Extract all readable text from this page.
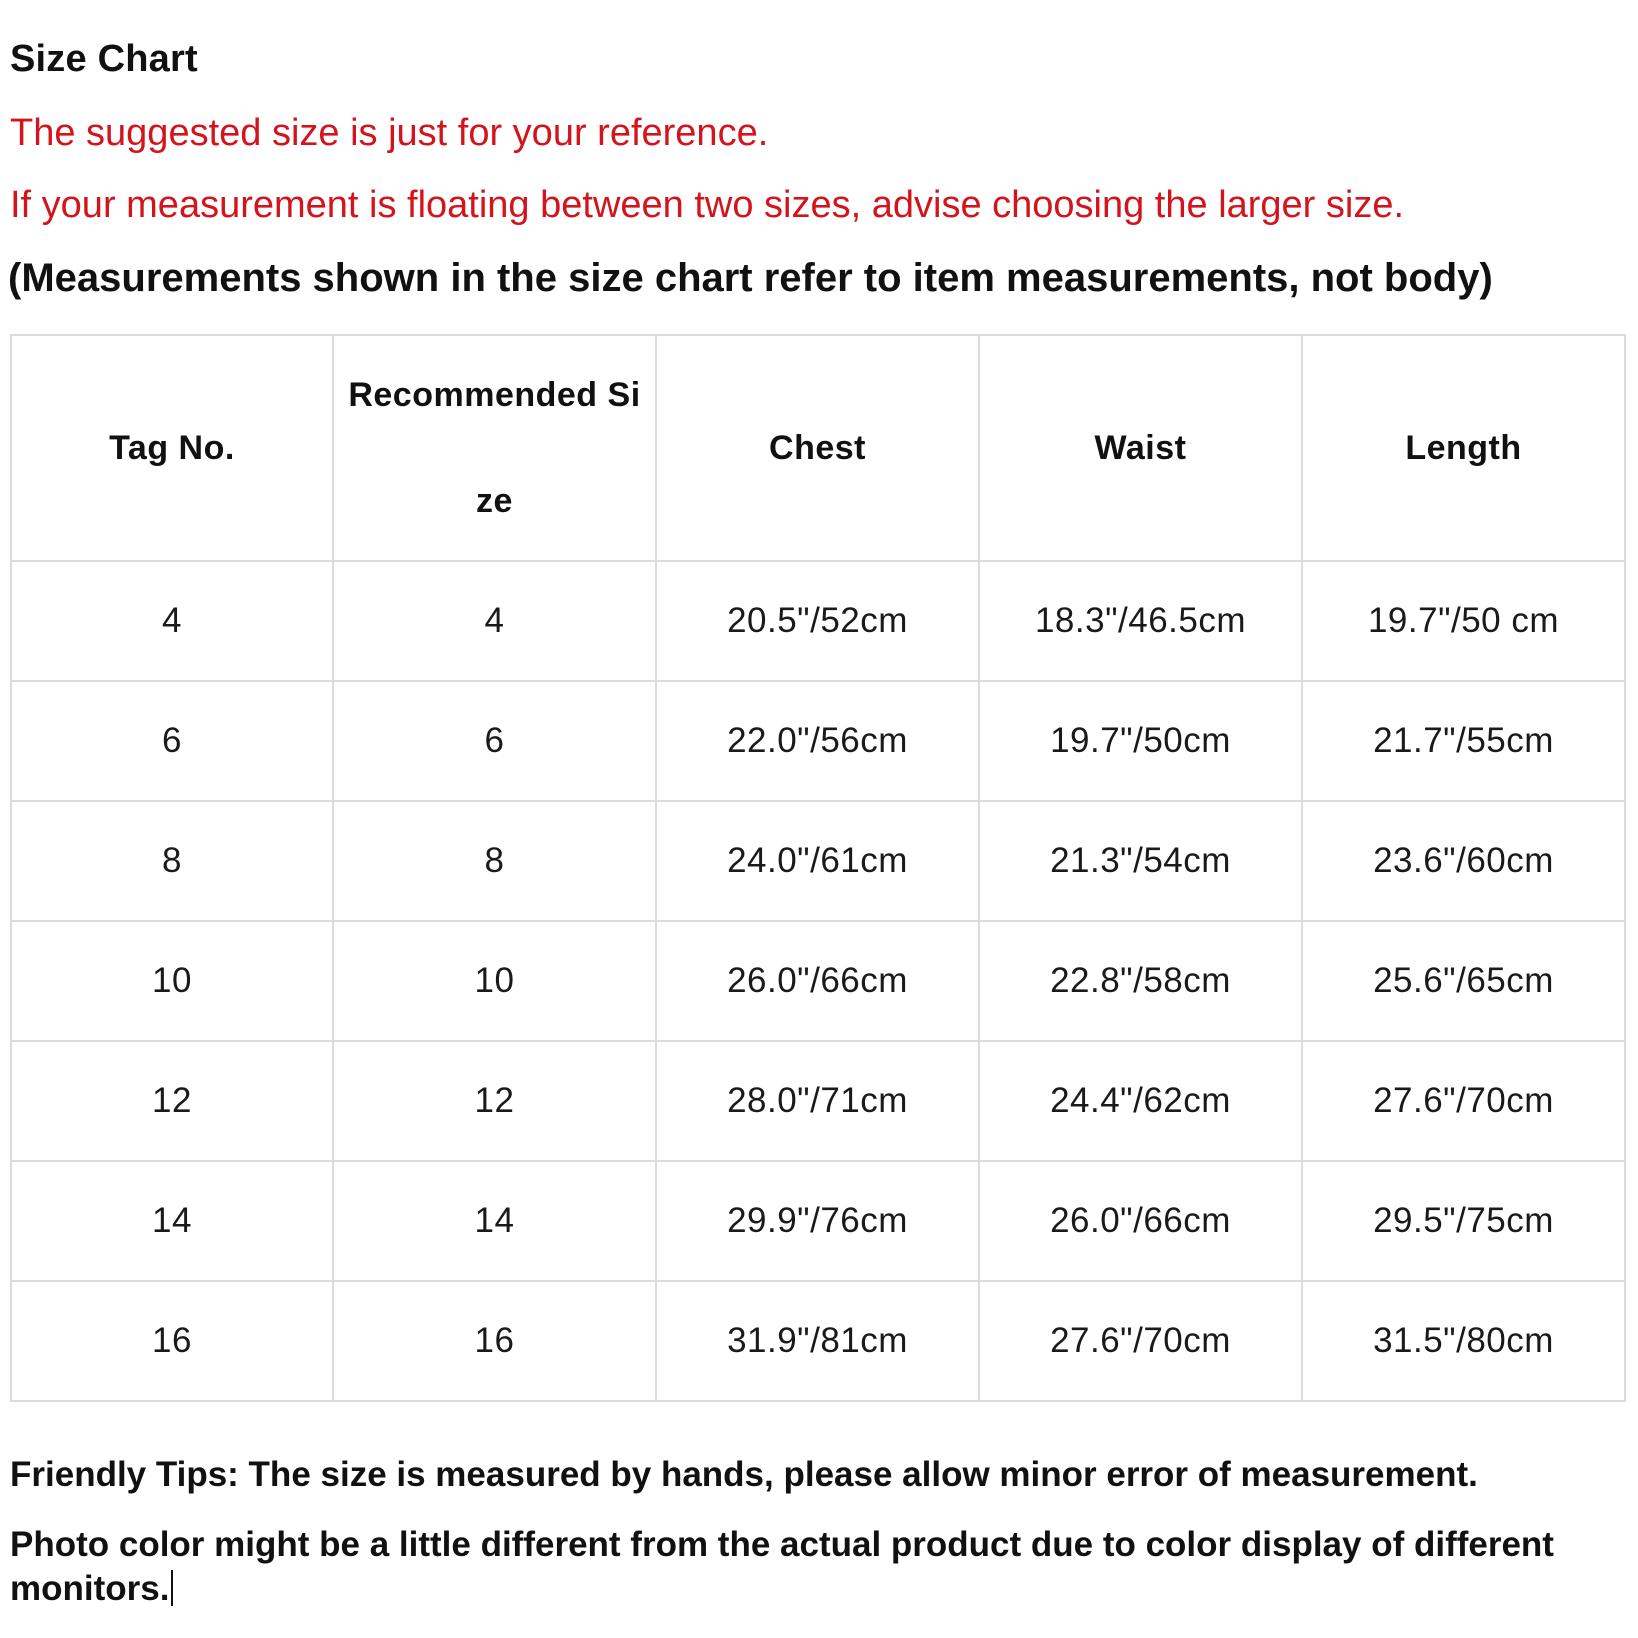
Size Chart
The suggested size is just for your reference.
If your measurement is floating between two sizes, advise choosing the larger size.
(Measurements shown in the size chart refer to item measurements, not body)
Tag No.	Recommended Size	Chest	Waist	Length
4	4	20.5"/52cm	18.3"/46.5cm	19.7"/50 cm
6	6	22.0"/56cm	19.7"/50cm	21.7"/55cm
8	8	24.0"/61cm	21.3"/54cm	23.6"/60cm
10	10	26.0"/66cm	22.8"/58cm	25.6"/65cm
12	12	28.0"/71cm	24.4"/62cm	27.6"/70cm
14	14	29.9"/76cm	26.0"/66cm	29.5"/75cm
16	16	31.9"/81cm	27.6"/70cm	31.5"/80cm
Friendly Tips: The size is measured by hands, please allow minor error of measurement.
Photo color might be a little different from the actual product due to color display of different monitors.
